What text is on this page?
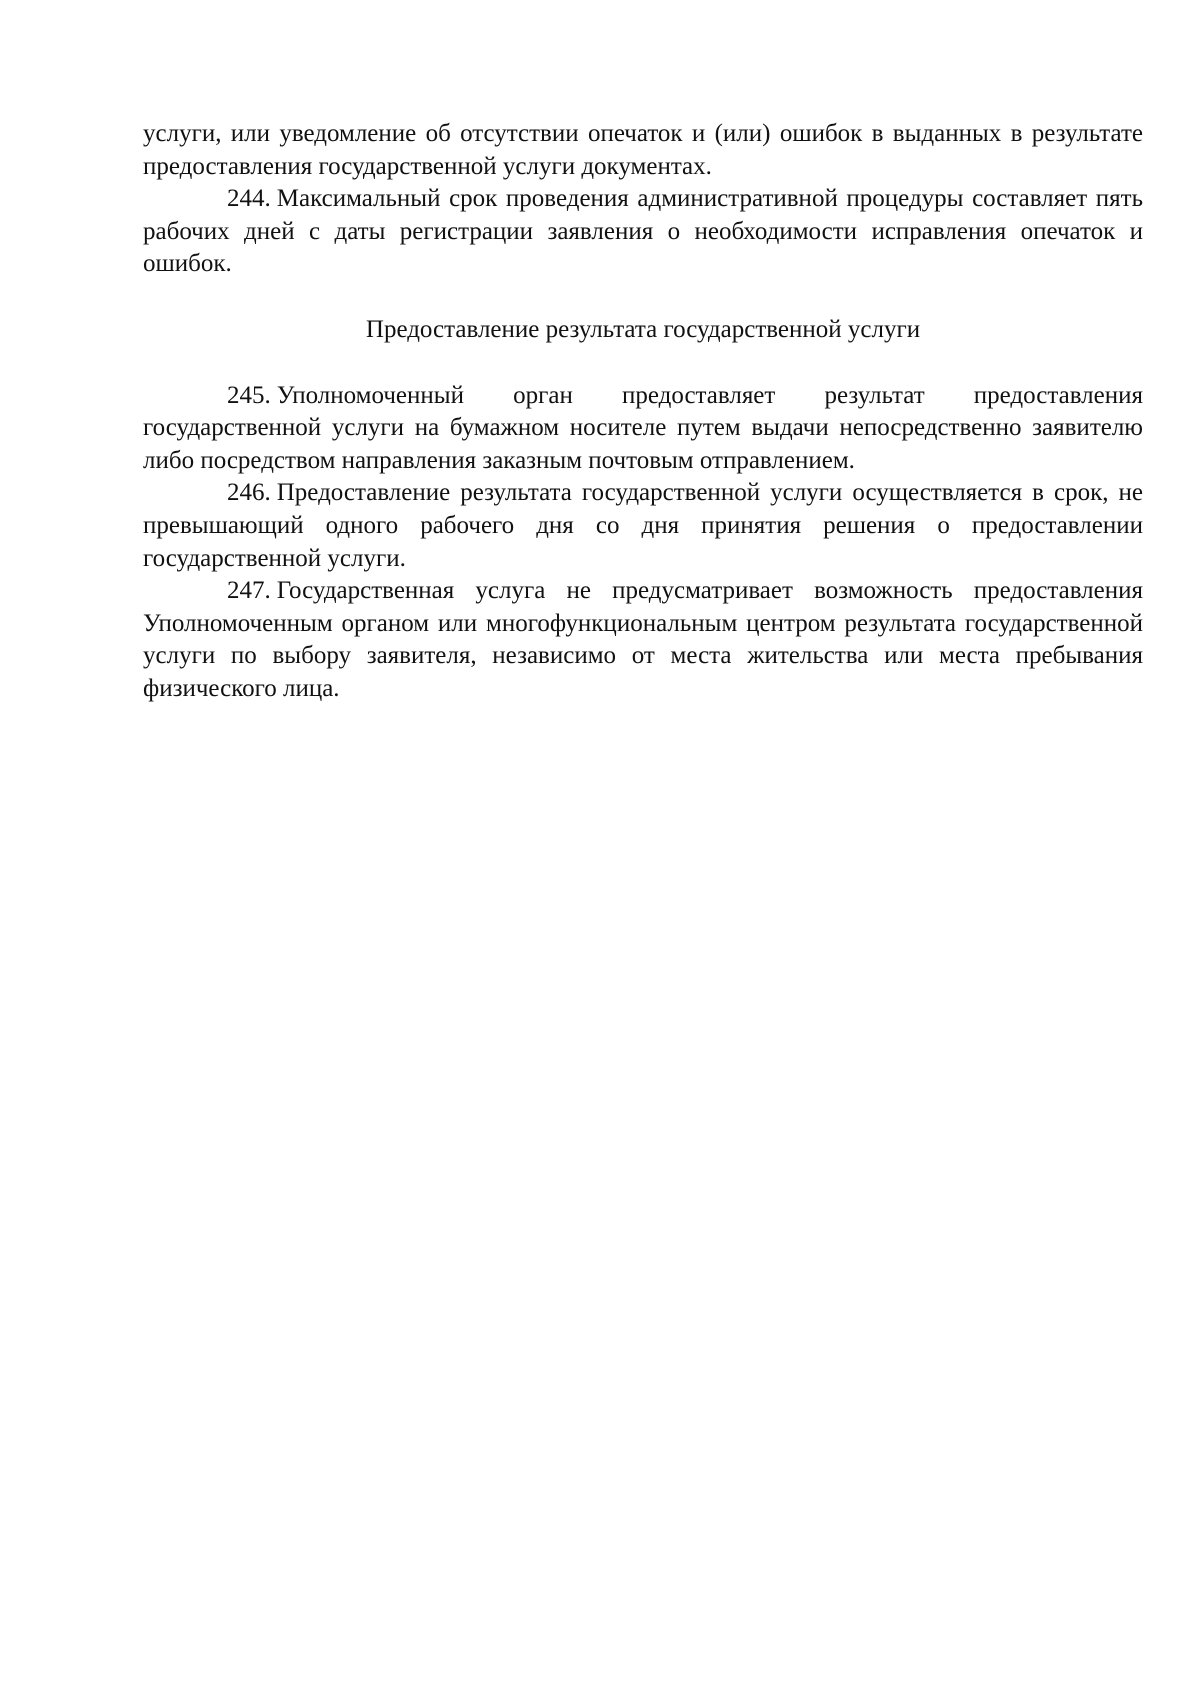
услуги, или уведомление об отсутствии опечаток и (или) ошибок в выданных в результате предоставления государственной услуги документах.

244. Максимальный срок проведения административной процедуры составляет пять рабочих дней с даты регистрации заявления о необходимости исправления опечаток и ошибок.

Предоставление результата государственной услуги

245. Уполномоченный орган предоставляет результат предоставления государственной услуги на бумажном носителе путем выдачи непосредственно заявителю либо посредством направления заказным почтовым отправлением.

246. Предоставление результата государственной услуги осуществляется в срок, не превышающий одного рабочего дня со дня принятия решения о предоставлении государственной услуги.

247. Государственная услуга не предусматривает возможность предоставления Уполномоченным органом или многофункциональным центром результата государственной услуги по выбору заявителя, независимо от места жительства или места пребывания физического лица.
